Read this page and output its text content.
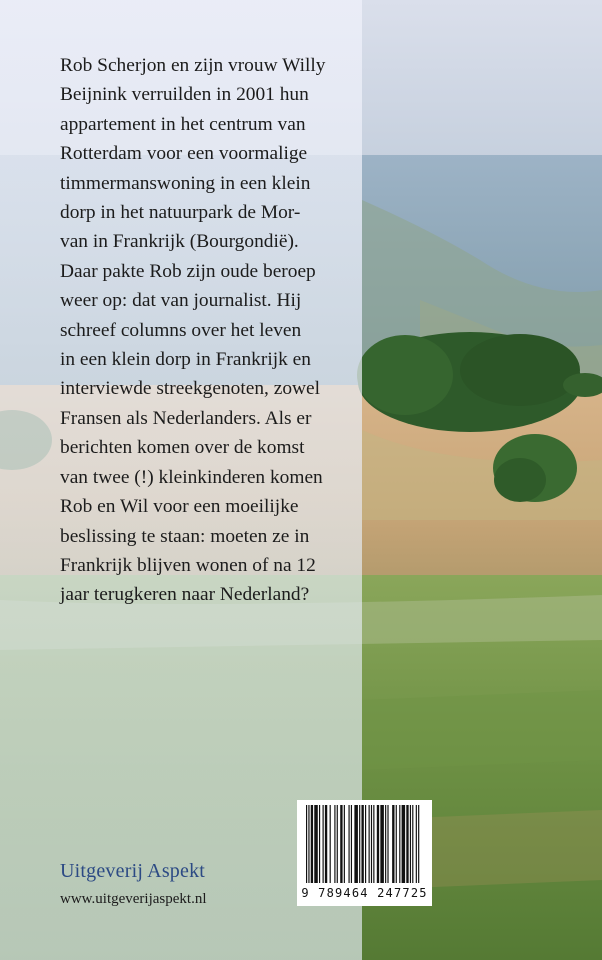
Rob Scherjon en zijn vrouw Willy
Beijnink verruilden in 2001 hun
appartement in het centrum van
Rotterdam voor een voormalige
timmermanswoning in een klein
dorp in het natuurpark de Mor-
van in Frankrijk (Bourgondië).
Daar pakte Rob zijn oude beroep
weer op: dat van journalist. Hij
schreef columns over het leven
in een klein dorp in Frankrijk en
interviewde streekgenoten, zowel
Fransen als Nederlanders. Als er
berichten komen over de komst
van twee (!) kleinkinderen komen
Rob en Wil voor een moeilijke
beslissing te staan: moeten ze in
Frankrijk blijven wonen of na 12
jaar terugkeren naar Nederland?

Uitgeverij Aspekt
www.uitgeverijaspekt.nl	9 789464 247725
